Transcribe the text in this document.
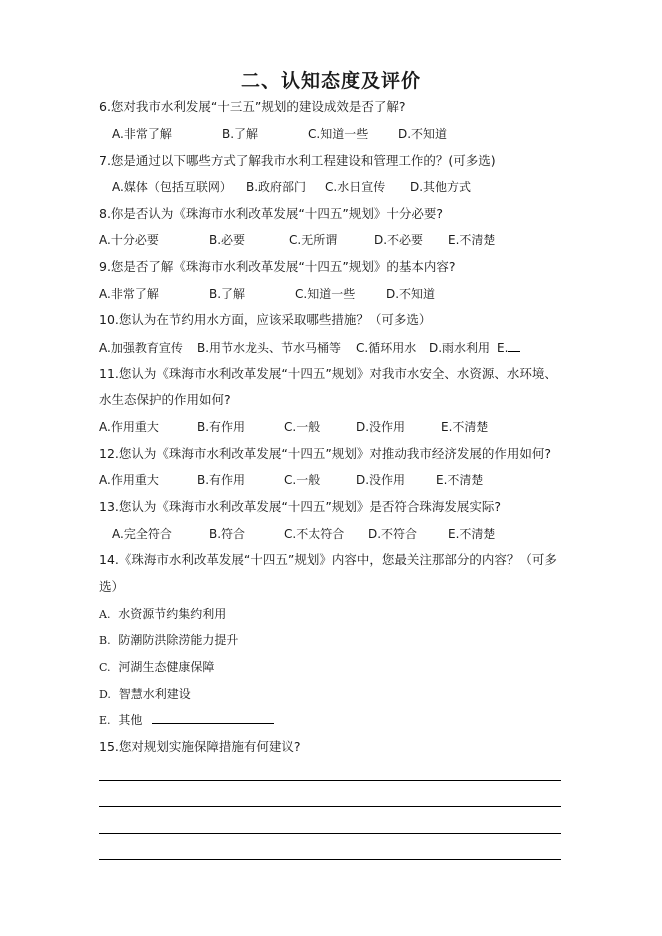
二、认知态度及评价
6.您对我市水利发展“十三五”规划的建设成效是否了解?
A.非常了解	B.了解	C.知道一些 D.不知道
7.您是通过以下哪些方式了解我市水利工程建设和管理工作的？(可多选)
A.媒体（包括互联网） B.政府部门 C.水日宣传 D.其他方式
8.你是否认为《珠海市水利改革发展“十四五”规划》十分必要?
A.十分必要	B.必要	C.无所谓	D.不必要 E.不清楚
9.您是否了解《珠海市水利改革发展“十四五”规划》的基本内容?
A.非常了解	B.了解	C.知道一些	D.不知道
10.您认为在节约用水方面，应该采取哪些措施？（可多选）
A.加强教育宣传 B.用节水龙头、节水马桶等 C.循环用水 D.雨水利用 E.
11.您认为《珠海市水利改革发展“十四五”规划》对我市水安全、水资源、水环境、
水生态保护的作用如何?
A.作用重大	B.有作用	C.一般	D.没作用	E.不清楚
12.您认为《珠海市水利改革发展“十四五”规划》对推动我市经济发展的作用如何?
A.作用重大	B.有作用	C.一般	D.没作用	E.不清楚
13.您认为《珠海市水利改革发展“十四五”规划》是否符合珠海发展实际?
A.完全符合	B.符合	C.不太符合 D.不符合	E.不清楚
14.《珠海市水利改革发展“十四五”规划》内容中，您最关注那部分的内容？（可多
选）
A. 水资源节约集约利用
B. 防潮防洪除涝能力提升
C. 河湖生态健康保障
D. 智慧水利建设
E. 其他
15.您对规划实施保障措施有何建议?
